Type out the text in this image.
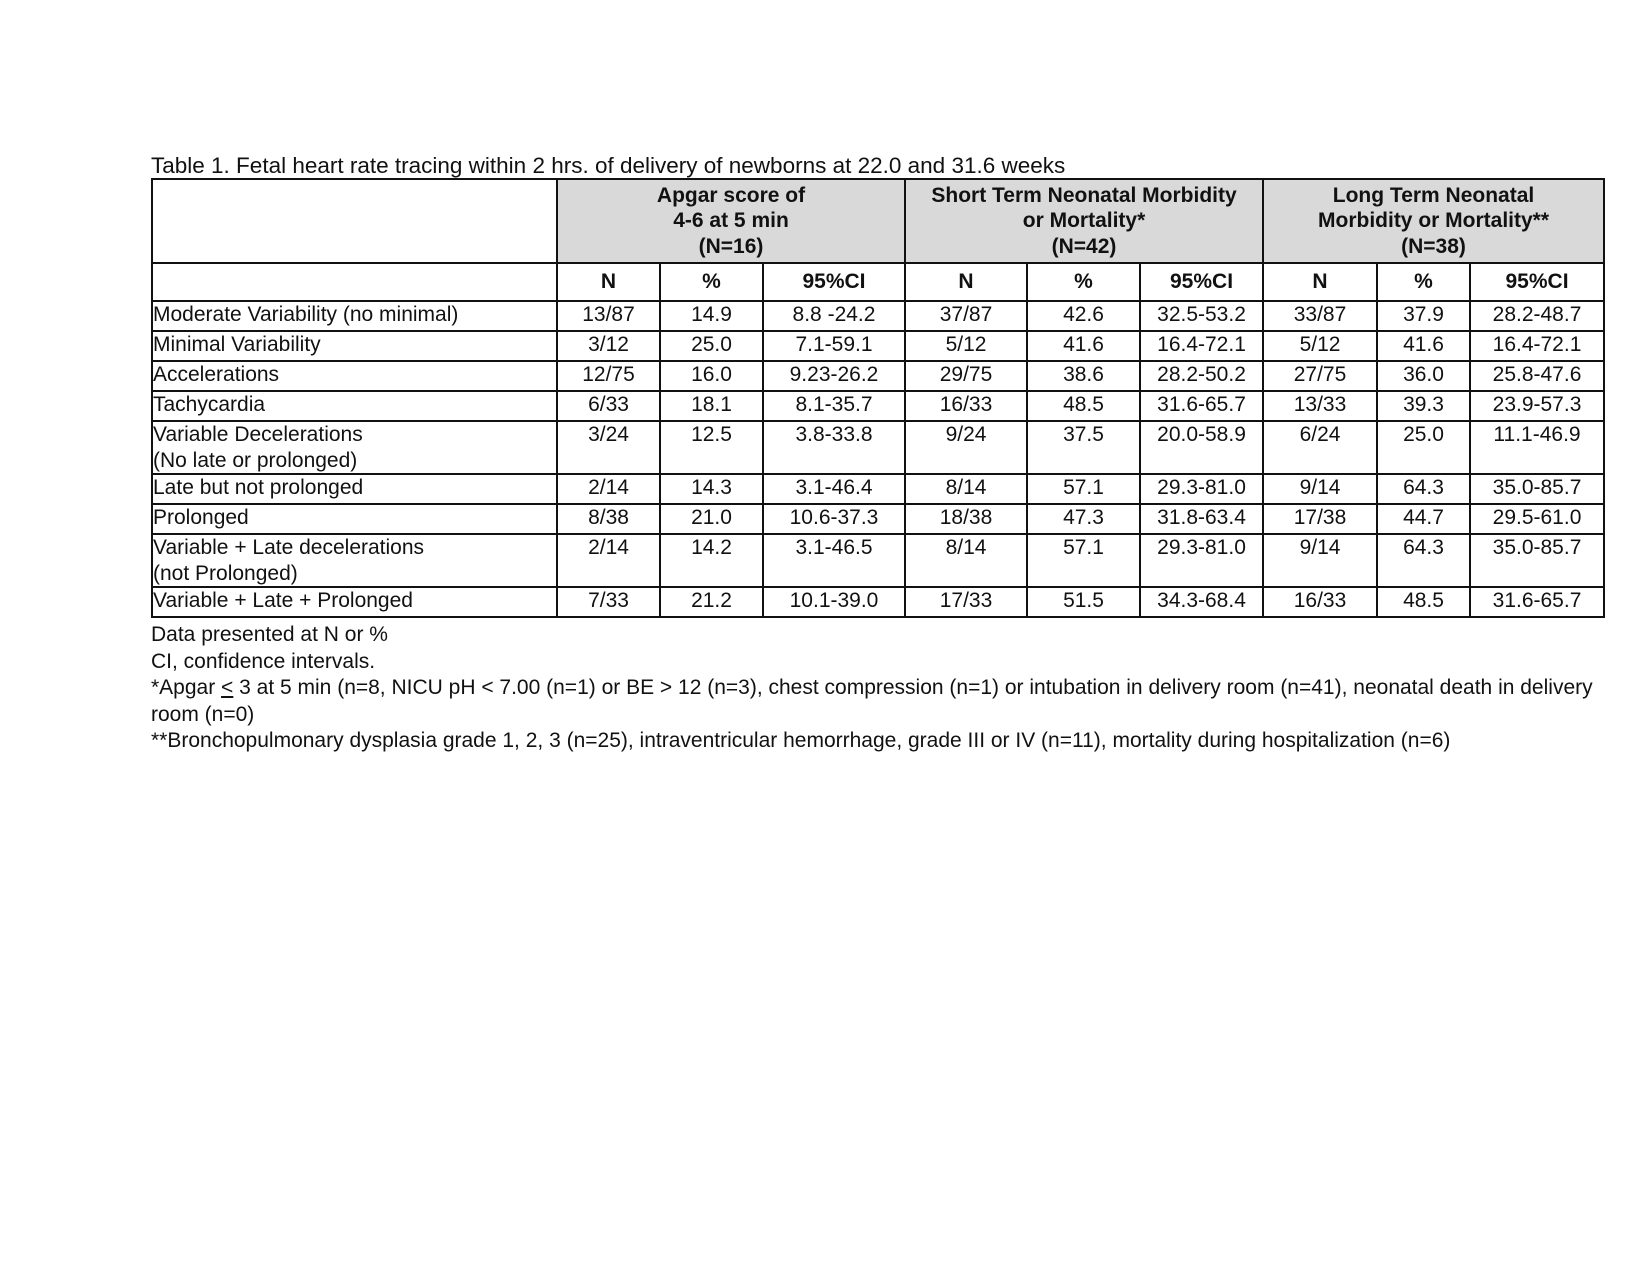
Table 1. Fetal heart rate tracing within 2 hrs. of delivery of newborns at 22.0 and 31.6 weeks
	Apgar score of
4-6 at 5 min
(N=16)			Short Term Neonatal Morbidity
or Mortality*
(N=42)			Long Term Neonatal
Morbidity or Mortality**
(N=38)		
	N	%	95%CI	N	%	95%CI	N	%	95%CI
Moderate Variability (no minimal)	13/87	14.9	8.8 -24.2	37/87	42.6	32.5-53.2	33/87	37.9	28.2-48.7
Minimal Variability	3/12	25.0	7.1-59.1	5/12	41.6	16.4-72.1	5/12	41.6	16.4-72.1
Accelerations	12/75	16.0	9.23-26.2	29/75	38.6	28.2-50.2	27/75	36.0	25.8-47.6
Tachycardia	6/33	18.1	8.1-35.7	16/33	48.5	31.6-65.7	13/33	39.3	23.9-57.3
Variable Decelerations
(No late or prolonged)	3/24	12.5	3.8-33.8	9/24	37.5	20.0-58.9	6/24	25.0	11.1-46.9
Late but not prolonged	2/14	14.3	3.1-46.4	8/14	57.1	29.3-81.0	9/14	64.3	35.0-85.7
Prolonged	8/38	21.0	10.6-37.3	18/38	47.3	31.8-63.4	17/38	44.7	29.5-61.0
Variable + Late decelerations
(not Prolonged)	2/14	14.2	3.1-46.5	8/14	57.1	29.3-81.0	9/14	64.3	35.0-85.7
Variable + Late + Prolonged	7/33	21.2	10.1-39.0	17/33	51.5	34.3-68.4	16/33	48.5	31.6-65.7
Data presented at N or %
CI, confidence intervals.
*Apgar ≤ 3 at 5 min (n=8, NICU pH < 7.00 (n=1) or BE > 12 (n=3), chest compression (n=1) or intubation in delivery room (n=41), neonatal death in delivery room (n=0)
**Bronchopulmonary dysplasia grade 1, 2, 3 (n=25), intraventricular hemorrhage, grade III or IV (n=11), mortality during hospitalization (n=6)
